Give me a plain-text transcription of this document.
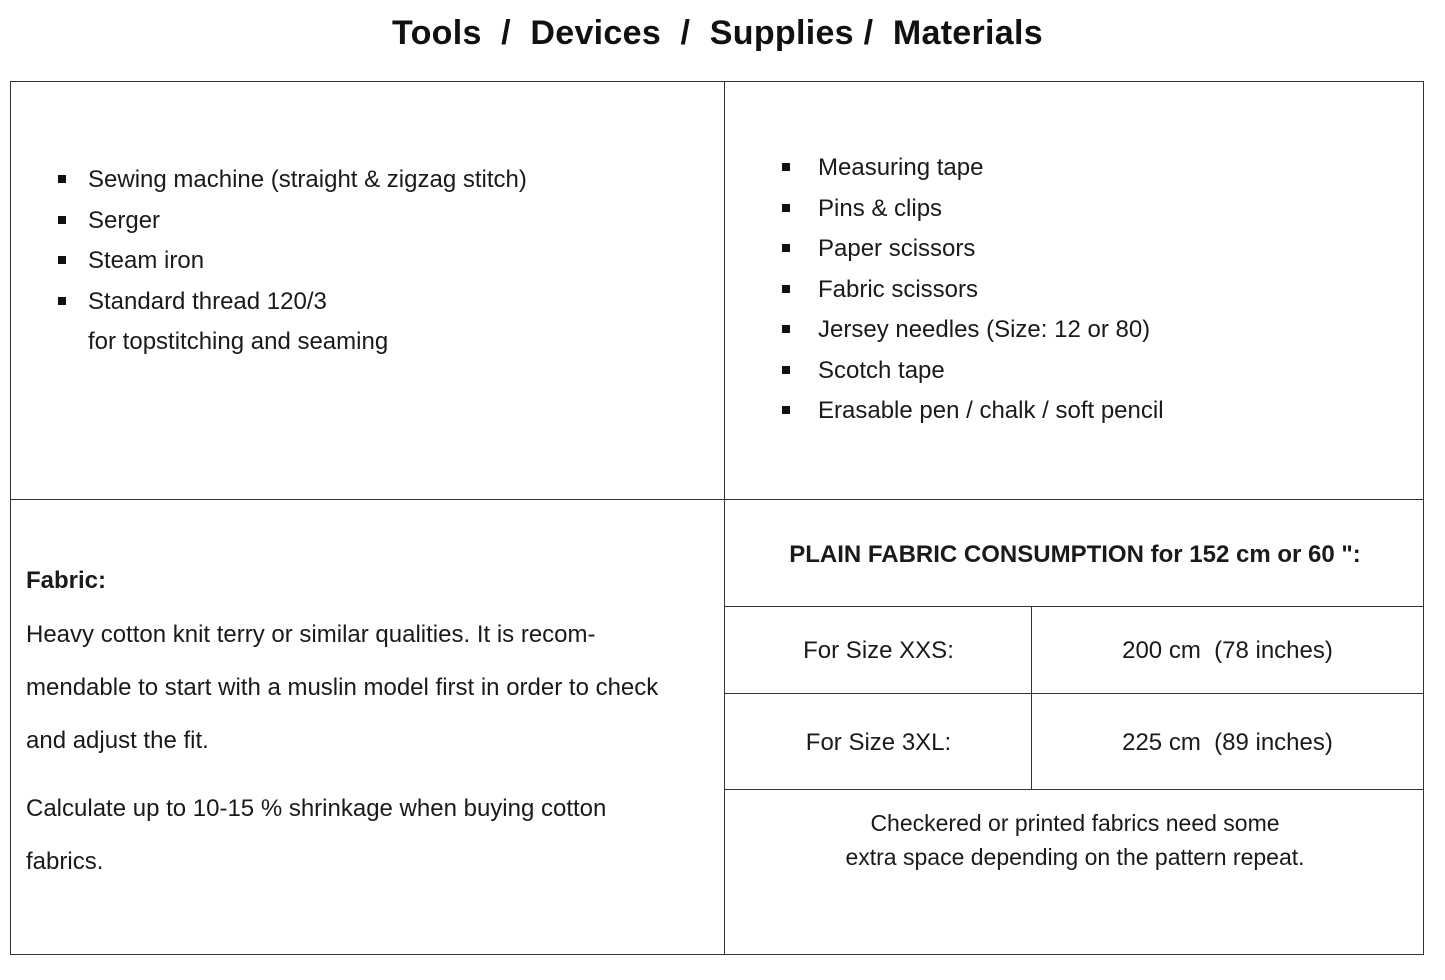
Tools  /  Devices  /  Supplies /  Materials
Sewing machine (straight & zigzag stitch)
Serger
Steam iron
Standard thread 120/3
for topstitching and seaming
Measuring tape
Pins & clips
Paper scissors
Fabric scissors
Jersey needles (Size: 12 or 80)
Scotch tape
Erasable pen / chalk / soft pencil
Fabric:
Heavy cotton knit terry or similar qualities. It is recom-mendable to start with a muslin model first in order to check and adjust the fit.
Calculate up to 10-15 % shrinkage when buying cotton fabrics.
PLAIN FABRIC CONSUMPTION for 152 cm or 60 ":
For Size XXS:	200 cm  (78 inches)
For Size 3XL:	225 cm  (89 inches)
Checkered or printed fabrics need some
extra space depending on the pattern repeat.
